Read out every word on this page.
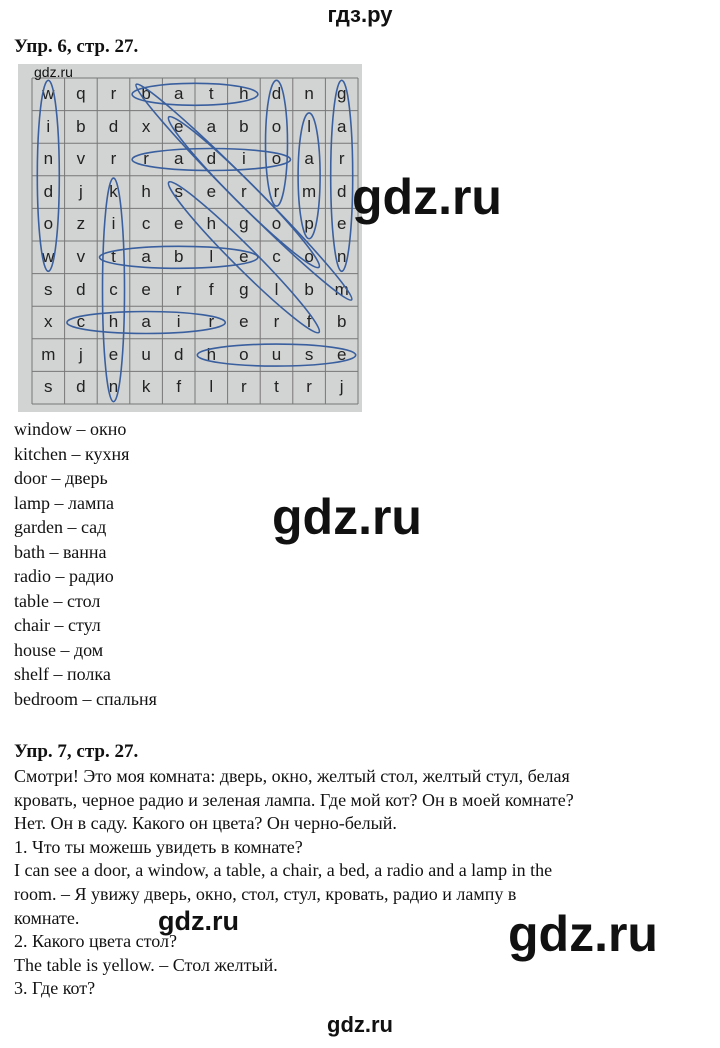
гдз.ру
Упр. 6, стр. 27.
w	q	r	b	a	t	h	d	n	g
i	b	d	x	e	a	b	o	l	a
n	v	r	r	a	d	i	o	a	r
d	j	k	h	s	e	r	r	m	d
o	z	i	c	e	h	g	o	p	e
w	v	t	a	b	l	e	c	o	n
s	d	c	e	r	f	g	l	b	m
x	c	h	a	i	r	e	r	f	b
m	j	e	u	d	h	o	u	s	e
s	d	n	k	f	l	r	t	r	j
gdz.ru
window – окно
kitchen – кухня
door – дверь
lamp – лампа
garden – сад
bath – ванна
radio – радио
table – стол
chair – стул
house – дом
shelf – полка
bedroom – спальня
Упр. 7, стр. 27.
Смотри! Это моя комната: дверь, окно, желтый стол, желтый стул, белая
кровать, черное радио и зеленая лампа. Где мой кот? Он в моей комнате?
Нет. Он в саду. Какого он цвета? Он черно-белый.
1. Что ты можешь увидеть в комнате?
I can see a door, a window, a table, a chair, a bed, a radio and a lamp in the
room. – Я увижу дверь, окно, стол, стул, кровать, радио и лампу в
комнате.
2. Какого цвета стол?
The table is yellow. – Стол желтый.
3. Где кот?
gdz.ru
gdz.ru
gdz.ru
gdz.ru
gdz.ru
